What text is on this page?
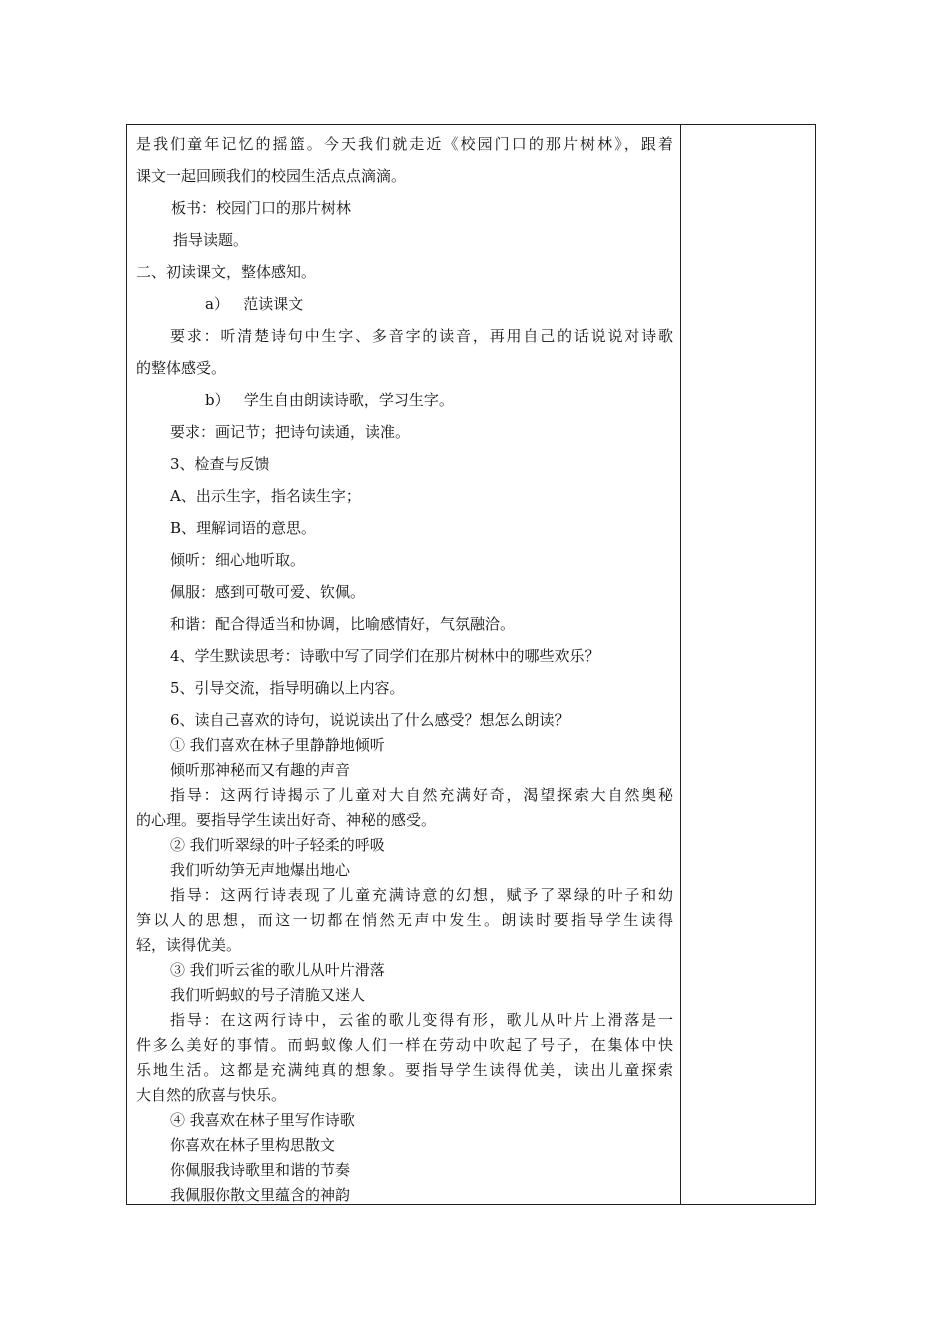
是我们童年记忆的摇篮。今天我们就走近《校园门口的那片树林》，跟着
课文一起回顾我们的校园生活点点滴滴。
板书：校园门口的那片树林
指导读题。
二、初读课文，整体感知。
a）   范读课文
要求：听清楚诗句中生字、多音字的读音，再用自己的话说说对诗歌
的整体感受。
b）   学生自由朗读诗歌，学习生字。
要求：画记节；把诗句读通，读准。
3、检查与反馈
A、出示生字，指名读生字；
B、理解词语的意思。
倾听：细心地听取。
佩服：感到可敬可爱、钦佩。
和谐：配合得适当和协调，比喻感情好，气氛融洽。
4、学生默读思考：诗歌中写了同学们在那片树林中的哪些欢乐？
5、引导交流，指导明确以上内容。
6、读自己喜欢的诗句，说说读出了什么感受？想怎么朗读？
① 我们喜欢在林子里静静地倾听
倾听那神秘而又有趣的声音
指导：这两行诗揭示了儿童对大自然充满好奇，渴望探索大自然奥秘
的心理。要指导学生读出好奇、神秘的感受。
② 我们听翠绿的叶子轻柔的呼吸
我们听幼笋无声地爆出地心
指导：这两行诗表现了儿童充满诗意的幻想，赋予了翠绿的叶子和幼
笋以人的思想，而这一切都在悄然无声中发生。朗读时要指导学生读得
轻，读得优美。
③ 我们听云雀的歌儿从叶片滑落
我们听蚂蚁的号子清脆又迷人
指导：在这两行诗中，云雀的歌儿变得有形，歌儿从叶片上滑落是一
件多么美好的事情。而蚂蚁像人们一样在劳动中吹起了号子，在集体中快
乐地生活。这都是充满纯真的想象。要指导学生读得优美，读出儿童探索
大自然的欣喜与快乐。
④ 我喜欢在林子里写作诗歌
你喜欢在林子里构思散文
你佩服我诗歌里和谐的节奏
我佩服你散文里蕴含的神韵
